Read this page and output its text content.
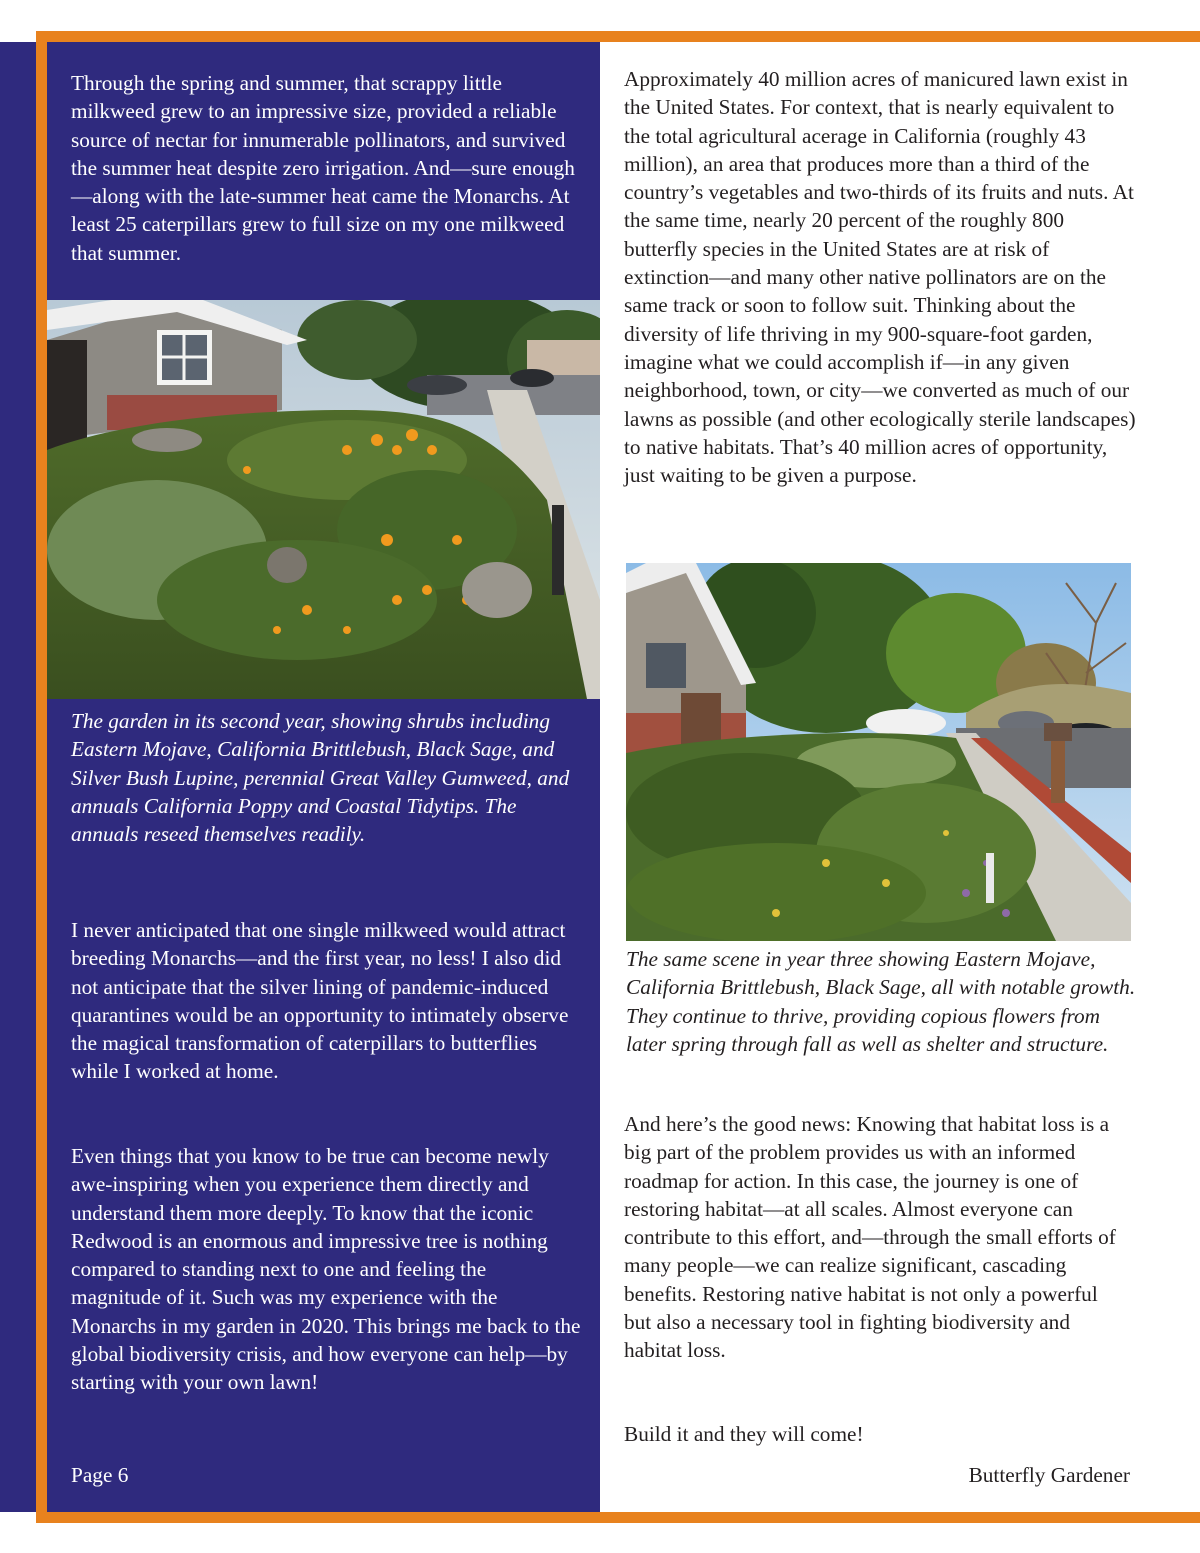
Through the spring and summer, that scrappy little milkweed grew to an impressive size, provided a reliable source of nectar for innumerable pollinators, and survived the summer heat despite zero irrigation. And—sure enough—along with the late-summer heat came the Monarchs. At least 25 caterpillars grew to full size on my one milkweed that summer.

The garden in its second year, showing shrubs including Eastern Mojave, California Brittlebush, Black Sage, and Silver Bush Lupine, perennial Great Valley Gumweed, and annuals California Poppy and Coastal Tidytips. The annuals reseed themselves readily.

I never anticipated that one single milkweed would attract breeding Monarchs—and the first year, no less! I also did not anticipate that the silver lining of pandemic-induced quarantines would be an opportunity to intimately observe the magical transformation of caterpillars to butterflies while I worked at home.

Even things that you know to be true can become newly awe-inspiring when you experience them directly and understand them more deeply. To know that the iconic Redwood is an enormous and impressive tree is nothing compared to standing next to one and feeling the magnitude of it. Such was my experience with the Monarchs in my garden in 2020. This brings me back to the global biodiversity crisis, and how everyone can help—by starting with your own lawn!

Page 6

Approximately 40 million acres of manicured lawn exist in the United States. For context, that is nearly equivalent to the total agricultural acerage in California (roughly 43 million), an area that produces more than a third of the country’s vegetables and two-thirds of its fruits and nuts. At the same time, nearly 20 percent of the roughly 800 butterfly species in the United States are at risk of extinction—and many other native pollinators are on the same track or soon to follow suit. Thinking about the diversity of life thriving in my 900-square-foot garden, imagine what we could accomplish if—in any given neighborhood, town, or city—we converted as much of our lawns as possible (and other ecologically sterile landscapes) to native habitats. That’s 40 million acres of opportunity, just waiting to be given a purpose.

The same scene in year three showing Eastern Mojave, California Brittlebush, Black Sage, all with notable growth. They continue to thrive, providing copious flowers from later spring through fall as well as shelter and structure.

And here’s the good news: Knowing that habitat loss is a big part of the problem provides us with an informed roadmap for action. In this case, the journey is one of restoring habitat—at all scales. Almost everyone can contribute to this effort, and—through the small efforts of many people—we can realize significant, cascading benefits. Restoring native habitat is not only a powerful but also a necessary tool in fighting biodiversity and habitat loss.

Build it and they will come!

Butterfly Gardener
